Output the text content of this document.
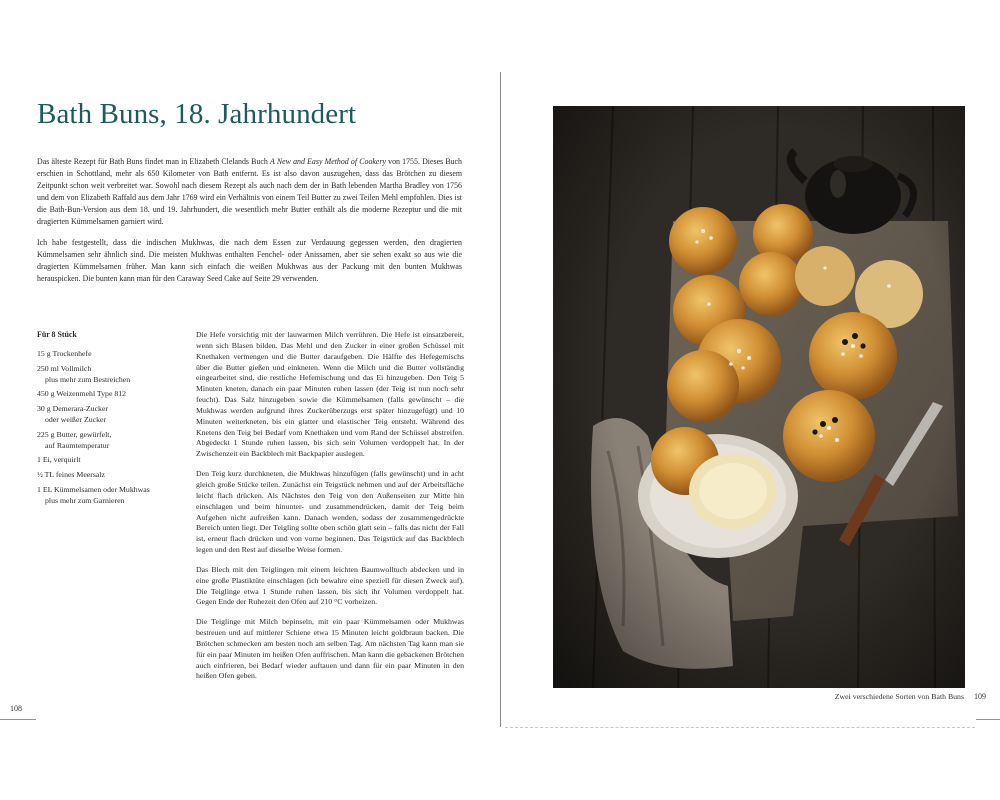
Bath Buns, 18. Jahrhundert

Das älteste Rezept für Bath Buns findet man in Elizabeth Clelands Buch A New and Easy Method of Cookery von 1755. Dieses Buch erschien in Schottland, mehr als 650 Kilometer von Bath entfernt. Es ist also davon auszugehen, dass das Brötchen zu diesem Zeitpunkt schon weit verbreitet war. Sowohl nach diesem Rezept als auch nach dem der in Bath lebenden Martha Bradley von 1756 und dem von Elizabeth Raffald aus dem Jahr 1769 wird ein Verhältnis von einem Teil Butter zu zwei Teilen Mehl empfohlen. Dies ist die Bath-Bun-Version aus dem 18. und 19. Jahrhundert, die wesentlich mehr Butter enthält als die moderne Rezeptur und die mit dragierten Kümmelsamen garniert wird.

Ich habe festgestellt, dass die indischen Mukhwas, die nach dem Essen zur Verdauung gegessen werden, den dragierten Kümmelsamen sehr ähnlich sind. Die meisten Mukhwas enthalten Fenchel- oder Anissamen, aber sie sehen exakt so aus wie die dragierten Kümmelsamen früher. Man kann sich einfach die weißen Mukhwas aus der Packung mit den bunten Mukhwas herauspicken. Die bunten kann man für den Caraway Seed Cake auf Seite 29 verwenden.

Für 8 Stück

15 g Trockenhefe
250 ml Vollmilch
plus mehr zum Bestreichen
450 g Weizenmehl Type 812
30 g Demerara-Zucker
oder weißer Zucker
225 g Butter, gewürfelt,
auf Raumtemperatur
1 Ei, verquirlt
½ TL feines Meersalz
1 EL Kümmelsamen oder Mukhwas
plus mehr zum Garnieren

Die Hefe vorsichtig mit der lauwarmen Milch verrühren. Die Hefe ist einsatzbereit, wenn sich Blasen bilden. Das Mehl und den Zucker in einer großen Schüssel mit Knethaken vermengen und die Butter daraufgeben. Die Hälfte des Hefegemischs über die Butter gießen und einkneten. Wenn die Milch und die Butter vollständig eingearbeitet sind, die restliche Hefemischung und das Ei hinzugeben. Den Teig 5 Minuten kneten, danach ein paar Minuten ruhen lassen (der Teig ist nun noch sehr feucht). Das Salz hinzugeben sowie die Kümmelsamen (falls gewünscht – die Mukhwas werden aufgrund ihres Zuckerüberzugs erst später hinzugefügt) und 10 Minuten weiterkneten, bis ein glatter und elastischer Teig entsteht. Während des Knetens den Teig bei Bedarf vom Knethaken und vom Rand der Schüssel abstreifen. Abgedeckt 1 Stunde ruhen lassen, bis sich sein Volumen verdoppelt hat. In der Zwischenzeit ein Backblech mit Backpapier auslegen.

Den Teig kurz durchkneten, die Mukhwas hinzufügen (falls gewünscht) und in acht gleich große Stücke teilen. Zunächst ein Teigstück nehmen und auf der Arbeitsfläche leicht flach drücken. Als Nächstes den Teig von den Außenseiten zur Mitte hin einschlagen und beim hinunter- und zusammendrücken, damit der Teig beim Aufgehen nicht aufreißen kann. Danach wenden, sodass der zusammengedrückte Bereich unten liegt. Der Teigling sollte oben schön glatt sein – falls das nicht der Fall ist, erneut flach drücken und von vorne beginnen. Das Teigstück auf das Backblech legen und den Rest auf dieselbe Weise formen.

Das Blech mit den Teiglingen mit einem leichten Baumwolltuch abdecken und in eine große Plastiktüte einschlagen (ich bewahre eine speziell für diesen Zweck auf). Die Teiglinge etwa 1 Stunde ruhen lassen, bis sich ihr Volumen verdoppelt hat. Gegen Ende der Ruhezeit den Ofen auf 210 °C vorheizen.

Die Teiglinge mit Milch bepinseln, mit ein paar Kümmelsamen oder Mukhwas bestreuen und auf mittlerer Schiene etwa 15 Minuten leicht goldbraun backen. Die Brötchen schmecken am besten noch am selben Tag. Am nächsten Tag kann man sie für ein paar Minuten im heißen Ofen auffrischen. Man kann die gebackenen Brötchen auch einfrieren, bei Bedarf wieder auftauen und dann für ein paar Minuten in den heißen Ofen geben.

108
Zwei verschiedene Sorten von Bath Buns 109
